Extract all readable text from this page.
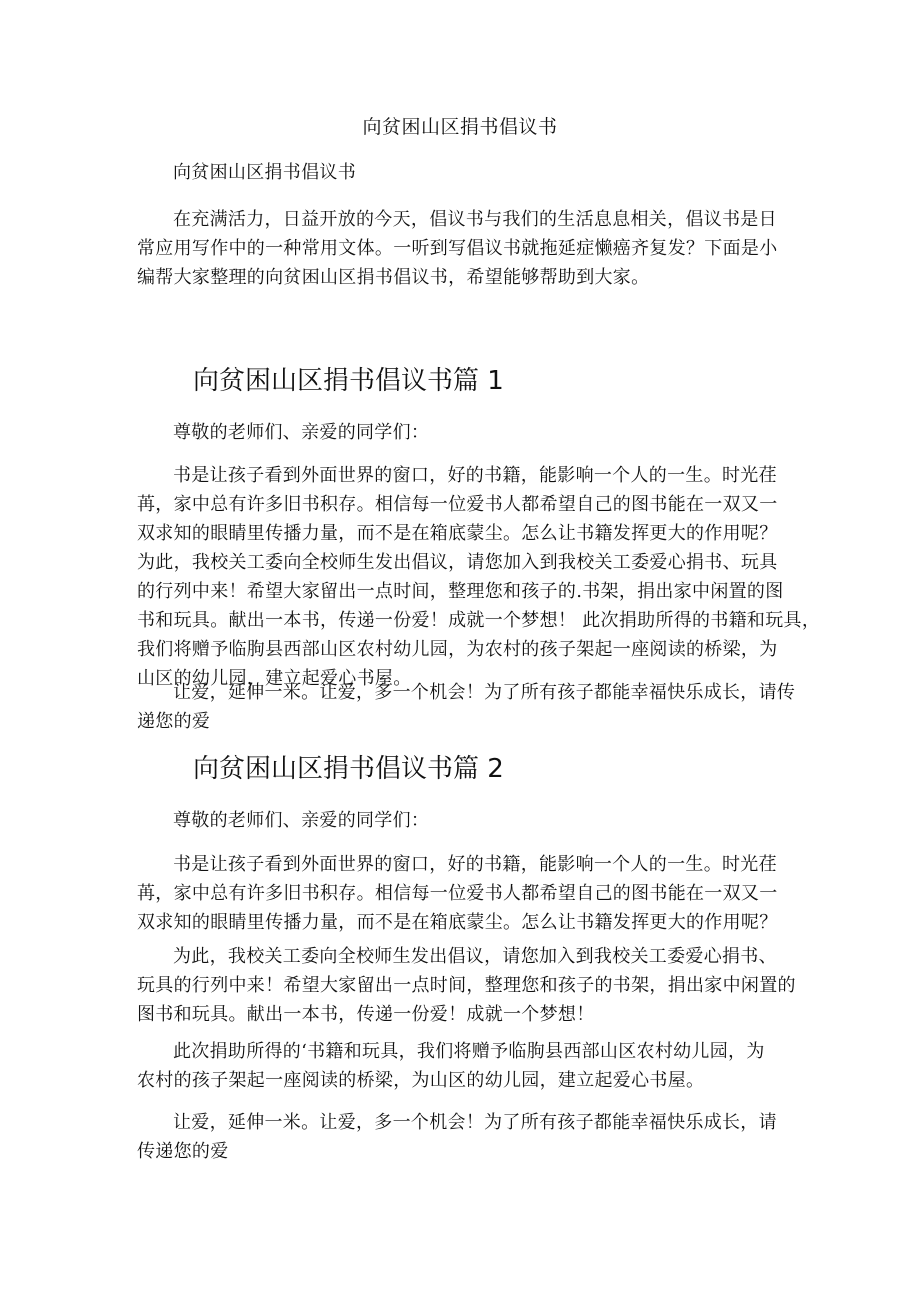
向贫困山区捐书倡议书
向贫困山区捐书倡议书
在充满活力，日益开放的今天，倡议书与我们的生活息息相关，倡议书是日
常应用写作中的一种常用文体。一听到写倡议书就拖延症懒癌齐复发？下面是小
编帮大家整理的向贫困山区捐书倡议书，希望能够帮助到大家。
向贫困山区捐书倡议书篇 1
尊敬的老师们、亲爱的同学们：
书是让孩子看到外面世界的窗口，好的书籍，能影响一个人的一生。时光荏
苒，家中总有许多旧书积存。相信每一位爱书人都希望自己的图书能在一双又一
双求知的眼睛里传播力量，而不是在箱底蒙尘。怎么让书籍发挥更大的作用呢？
为此，我校关工委向全校师生发出倡议，请您加入到我校关工委爱心捐书、玩具
的行列中来！希望大家留出一点时间，整理您和孩子的.书架，捐出家中闲置的图
书和玩具。献出一本书，传递一份爱！成就一个梦想！ 此次捐助所得的书籍和玩具，
我们将赠予临朐县西部山区农村幼儿园，为农村的孩子架起一座阅读的桥梁，为
山区的幼儿园，建立起爱心书屋。
让爱，延伸一米。让爱，多一个机会！为了所有孩子都能幸福快乐成长，请传
递您的爱
向贫困山区捐书倡议书篇 2
尊敬的老师们、亲爱的同学们：
书是让孩子看到外面世界的窗口，好的书籍，能影响一个人的一生。时光荏
苒，家中总有许多旧书积存。相信每一位爱书人都希望自己的图书能在一双又一
双求知的眼睛里传播力量，而不是在箱底蒙尘。怎么让书籍发挥更大的作用呢？
为此，我校关工委向全校师生发出倡议，请您加入到我校关工委爱心捐书、
玩具的行列中来！希望大家留出一点时间，整理您和孩子的书架，捐出家中闲置的
图书和玩具。献出一本书，传递一份爱！成就一个梦想！
此次捐助所得的‘书籍和玩具，我们将赠予临朐县西部山区农村幼儿园，为
农村的孩子架起一座阅读的桥梁，为山区的幼儿园，建立起爱心书屋。
让爱，延伸一米。让爱，多一个机会！为了所有孩子都能幸福快乐成长，请
传递您的爱
